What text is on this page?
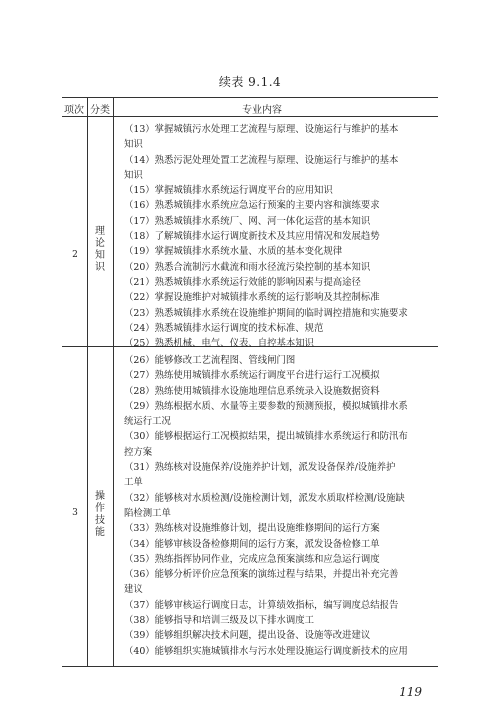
续表 9.1.4
项次 分类	专业内容
2
理
论
知
识
（13）掌握城镇污水处理工艺流程与原理、设施运行与维护的基本
知识
（14）熟悉污泥处理处置工艺流程与原理、设施运行与维护的基本
知识
（15）掌握城镇排水系统运行调度平台的应用知识
（16）熟悉城镇排水系统应急运行预案的主要内容和演练要求
（17）熟悉城镇排水系统厂、网、河一体化运营的基本知识
（18）了解城镇排水运行调度新技术及其应用情况和发展趋势
（19）掌握城镇排水系统水量、水质的基本变化规律
（20）熟悉合流制污水截流和雨水径流污染控制的基本知识
（21）熟悉城镇排水系统运行效能的影响因素与提高途径
（22）掌握设施维护对城镇排水系统的运行影响及其控制标准
（23）熟悉城镇排水系统在设施维护期间的临时调控措施和实施要求
（24）熟悉城镇排水运行调度的技术标准、规范
（25）熟悉机械、电气、仪表、自控基本知识
3
操
作
技
能
（26）能够修改工艺流程图、管线闸门图
（27）熟练使用城镇排水系统运行调度平台进行运行工况模拟
（28）熟练使用城镇排水设施地理信息系统录入设施数据资料
（29）熟练根据水质、水量等主要参数的预测预报，模拟城镇排水系
统运行工况
（30）能够根据运行工况模拟结果，提出城镇排水系统运行和防汛布
控方案
（31）熟练核对设施保养/设施养护计划，派发设备保养/设施养护
工单
（32）能够核对水质检测/设施检测计划，派发水质取样检测/设施缺
陷检测工单
（33）熟练核对设施维修计划，提出设施维修期间的运行方案
（34）能够审核设备检修期间的运行方案，派发设备检修工单
（35）熟练指挥协同作业，完成应急预案演练和应急运行调度
（36）能够分析评价应急预案的演练过程与结果，并提出补充完善
建议
（37）能够审核运行调度日志，计算绩效指标，编写调度总结报告
（38）能够指导和培训三级及以下排水调度工
（39）能够组织解决技术问题，提出设备、设施等改进建议
（40）能够组织实施城镇排水与污水处理设施运行调度新技术的应用
119
